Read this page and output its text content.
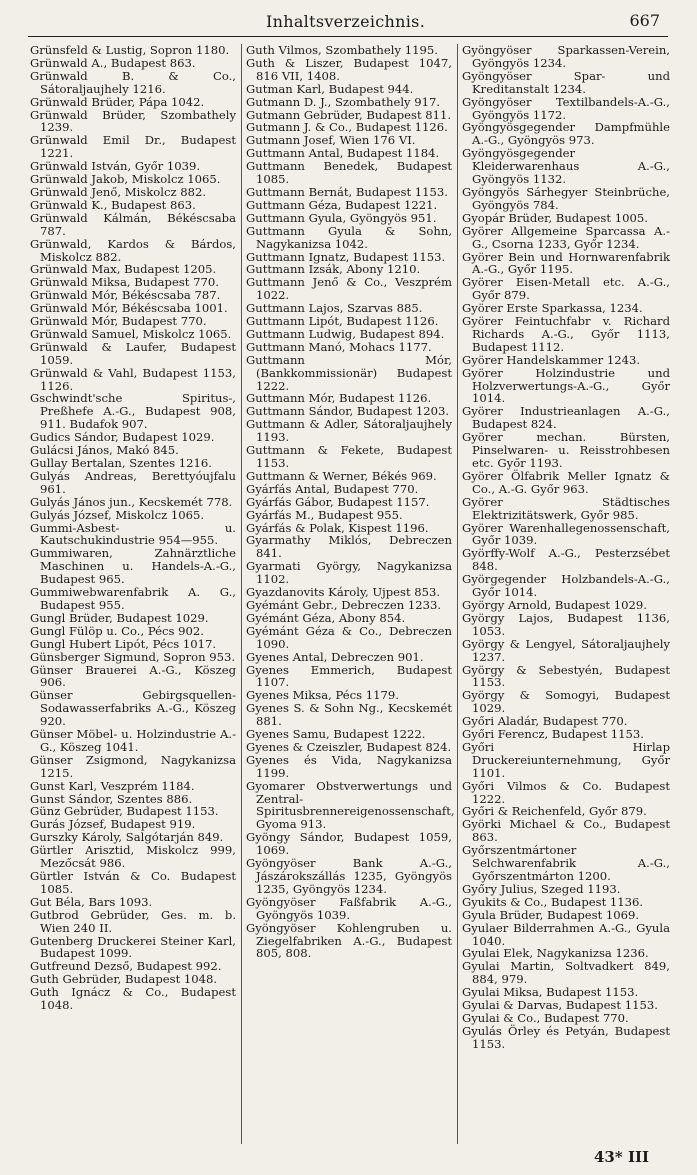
Inhaltsverzeichnis.	667
Grünsfeld & Lustig, Sopron 1180.
Grünwald A., Budapest 863.
Grünwald B. & Co., Sátoraljaujhely 1216.
Grünwald Brüder, Pápa 1042.
Grünwald Brüder, Szombathely 1239.
Grünwald Emil Dr., Budapest 1221.
Grünwald István, Győr 1039.
Grünwald Jakob, Miskolcz 1065.
Grünwald Jenő, Miskolcz 882.
Grünwald K., Budapest 863.
Grünwald Kálmán, Békéscsaba 787.
Grünwald, Kardos & Bárdos, Miskolcz 882.
Grünwald Max, Budapest 1205.
Grünwald Miksa, Budapest 770.
Grünwald Mór, Békéscsaba 787.
Grünwald Mór, Békéscsaba 1001.
Grünwald Mór, Budapest 770.
Grünwald Samuel, Miskolcz 1065.
Grünwald & Laufer, Budapest 1059.
Grünwald & Vahl, Budapest 1153, 1126.
Gschwindt'sche Spiritus-, Preßhefe A.-G., Budapest 908, 911. Budafok 907.
Gudics Sándor, Budapest 1029.
Gulácsi János, Makó 845.
Gullay Bertalan, Szentes 1216.
Gulyás Andreas, Berettyóujfalu 961.
Gulyás János jun., Kecskemét 778.
Gulyás József, Miskolcz 1065.
Gummi-Asbest- u. Kautschukindustrie 954—955.
Gummiwaren, Zahnärztliche Maschinen u. Handels-A.-G., Budapest 965.
Gummiwebwarenfabrik A. G., Budapest 955.
Gungl Brüder, Budapest 1029.
Gungl Fülöp u. Co., Pécs 902.
Gungl Hubert Lipót, Pécs 1017.
Günsberger Sigmund, Sopron 953.
Günser Brauerei A.-G., Köszeg 906.
Günser Gebirgsquellen- Sodawasserfabriks A.-G., Köszeg 920.
Günser Möbel- u. Holzindustrie A.-G., Köszeg 1041.
Günser Zsigmond, Nagykanizsa 1215.
Gunst Karl, Veszprém 1184.
Gunst Sándor, Szentes 886.
Günz Gebrüder, Budapest 1153.
Gurás József, Budapest 919.
Gurszky Károly, Salgótarján 849.
Gürtler Arisztid, Miskolcz 999, Mezőcsát 986.
Gürtler István & Co. Budapest 1085.
Gut Béla, Bars 1093.
Gutbrod Gebrüder, Ges. m. b. Wien 240 II.
Gutenberg Druckerei Steiner Karl, Budapest 1099.
Gutfreund Dezső, Budapest 992.
Guth Gebrüder, Budapest 1048.
Guth Ignácz & Co., Budapest 1048.
Guth Vilmos, Szombathely 1195.
Guth & Liszer, Budapest 1047, 816 VII, 1408.
Gutman Karl, Budapest 944.
Gutmann D. J., Szombathely 917.
Gutmann Gebrüder, Budapest 811.
Gutmann J. & Co., Budapest 1126.
Gutmann Josef, Wien 176 VI.
Guttmann Antal, Budapest 1184.
Guttmann Benedek, Budapest 1085.
Guttmann Bernát, Budapest 1153.
Guttmann Géza, Budapest 1221.
Guttmann Gyula, Gyöngyös 951.
Guttmann Gyula & Sohn, Nagykanizsa 1042.
Guttmann Ignatz, Budapest 1153.
Guttmann Izsák, Abony 1210.
Guttmann Jenő & Co., Veszprém 1022.
Guttmann Lajos, Szarvas 885.
Guttmann Lipót, Budapest 1126.
Guttmann Ludwig, Budapest 894.
Guttmann Manó, Mohacs 1177.
Guttmann Mór, (Bankkommissionär) Budapest 1222.
Guttmann Mór, Budapest 1126.
Guttmann Sándor, Budapest 1203.
Guttmann & Adler, Sátoraljaujhely 1193.
Guttmann & Fekete, Budapest 1153.
Guttmann & Werner, Békés 969.
Gyárfás Antal, Budapest 770.
Gyárfás Gábor, Budapest 1157.
Gyárfás M., Budapest 955.
Gyárfás & Polak, Kispest 1196.
Gyarmathy Miklós, Debreczen 841.
Gyarmati György, Nagykanizsa 1102.
Gyazdanovits Károly, Ujpest 853.
Gyémánt Gebr., Debreczen 1233.
Gyémánt Géza, Abony 854.
Gyémánt Géza & Co., Debreczen 1090.
Gyenes Antal, Debreczen 901.
Gyenes Emmerich, Budapest 1107.
Gyenes Miksa, Pécs 1179.
Gyenes S. & Sohn Ng., Kecskemét 881.
Gyenes Samu, Budapest 1222.
Gyenes & Czeiszler, Budapest 824.
Gyenes és Vida, Nagykanizsa 1199.
Gyomarer Obstverwertungs und Zentral-Spiritusbrennereigenossenschaft, Gyoma 913.
Gyöngy Sándor, Budapest 1059, 1069.
Gyöngyöser Bank A.-G., Jászárokszállás 1235, Gyöngyös 1235, Gyöngyös 1234.
Gyöngyöser Faßfabrik A.-G., Gyöngyös 1039.
Gyöngyöser Kohlengruben u. Ziegelfabriken A.-G., Budapest 805, 808.
Gyöngyöser Sparkassen-Verein, Gyöngyös 1234.
Gyöngyöser Spar- und Kreditanstalt 1234.
Gyöngyöser Textilbandels-A.-G., Gyöngyös 1172.
Gyöngyösgegender Dampfmühle A.-G., Gyöngyös 973.
Gyöngyösgegender Kleiderwarenhaus A.-G., Gyöngyös 1132.
Gyöngyös Sárhegyer Steinbrüche, Gyöngyös 784.
Gyopár Brüder, Budapest 1005.
Györer Allgemeine Sparcassa A.-G., Csorna 1233, Győr 1234.
Györer Bein und Hornwarenfabrik A.-G., Győr 1195.
Györer Eisen-Metall etc. A.-G., Győr 879.
Györer Erste Sparkassa, 1234.
Györer Feintuchfabr v. Richard Richards A.-G., Győr 1113, Budapest 1112.
Györer Handelskammer 1243.
Györer Holzindustrie und Holzverwertungs-A.-G., Győr 1014.
Györer Industrieanlagen A.-G., Budapest 824.
Györer mechan. Bürsten, Pinselwaren- u. Reisstrohbesen etc. Győr 1193.
Györer Ölfabrik Meller Ignatz & Co., A.-G. Győr 963.
Györer Städtisches Elektrizitätswerk, Győr 985.
Györer Warenhallegenossenschaft, Győr 1039.
Györffy-Wolf A.-G., Pesterzsébet 848.
Györgegender Holzbandels-A.-G., Győr 1014.
György Arnold, Budapest 1029.
György Lajos, Budapest 1136, 1053.
György & Lengyel, Sátoraljaujhely 1237.
György & Sebestyén, Budapest 1153.
György & Somogyi, Budapest 1029.
Győri Aladár, Budapest 770.
Győri Ferencz, Budapest 1153.
Győri Hirlap Druckereiunternehmung, Győr 1101.
Győri Vilmos & Co. Budapest 1222.
Győri & Reichenfeld, Győr 879.
Györki Michael & Co., Budapest 863.
Győrszentmártoner Selchwarenfabrik A.-G., Győrszentmárton 1200.
Győry Julius, Szeged 1193.
Gyukits & Co., Budapest 1136.
Gyula Brüder, Budapest 1069.
Gyulaer Bilderrahmen A.-G., Gyula 1040.
Gyulai Elek, Nagykanizsa 1236.
Gyulai Martin, Soltvadkert 849, 884, 979.
Gyulai Miksa, Budapest 1153.
Gyulai & Darvas, Budapest 1153.
Gyulai & Co., Budapest 770.
Gyulás Örley és Petyán, Budapest 1153.
43* III
